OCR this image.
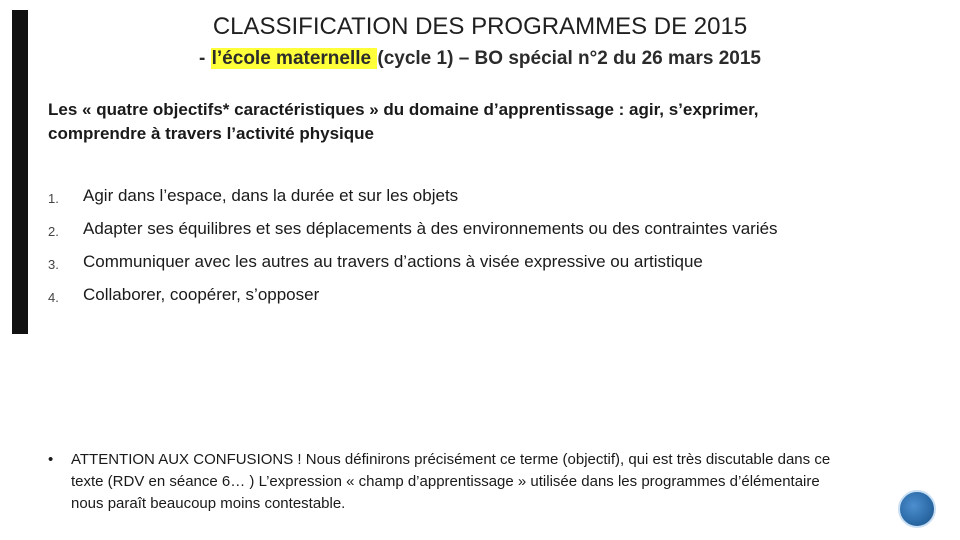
CLASSIFICATION DES PROGRAMMES DE 2015
- l’école maternelle (cycle 1) – BO spécial n°2 du 26 mars 2015

Les « quatre objectifs* caractéristiques » du domaine d’apprentissage : agir, s’exprimer, comprendre à travers l’activité physique

1. Agir dans l’espace, dans la durée et sur les objets
2. Adapter ses équilibres et ses déplacements à des environnements ou des contraintes variés
3. Communiquer avec les autres au travers d’actions à visée expressive ou artistique
4. Collaborer, coopérer, s’opposer

•	ATTENTION AUX CONFUSIONS ! Nous définirons précisément ce terme (objectif), qui est très discutable dans ce texte (RDV en séance 6… ) L’expression « champ d’apprentissage » utilisée dans les programmes d’élémentaire nous paraît beaucoup moins contestable.
